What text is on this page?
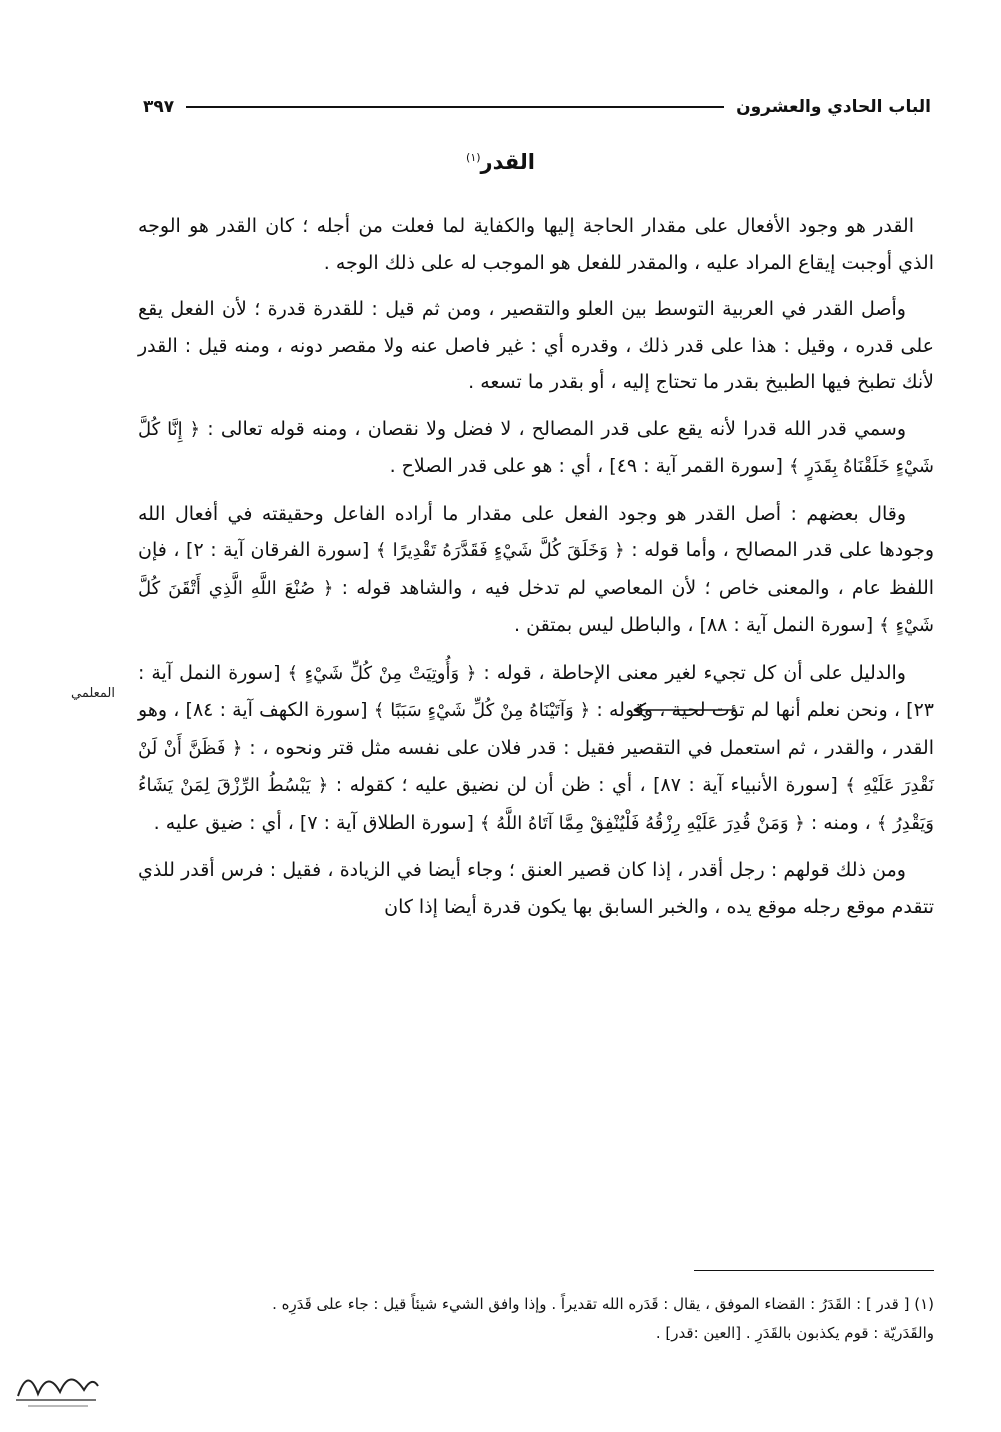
الباب الحادي والعشرون
٣٩٧
القدر$^{(١)}$

القدر هو وجود الأفعال على مقدار الحاجة إليها والكفاية لما فعلت من أجله ؛ كان القدر هو الوجه الذي أوجبت إيقاع المراد عليه ، والمقدر للفعل هو الموجب له على ذلك الوجه .

وأصل القدر في العربية التوسط بين العلو والتقصير ، ومن ثم قيل : للقدرة قدرة ؛ لأن الفعل يقع على قدره ، وقيل : هذا على قدر ذلك ، وقدره أي : غير فاصل عنه ولا مقصر دونه ، ومنه قيل : القدر لأنك تطبخ فيها الطبيخ بقدر ما تحتاج إليه ، أو بقدر ما تسعه .

وسمي قدر الله قدرا لأنه يقع على قدر المصالح ، لا فضل ولا نقصان ، ومنه قوله تعالى : ﴿ إِنَّا كُلَّ شَيْءٍ خَلَقْنَاهُ بِقَدَرٍ ﴾ [سورة القمر آية : ٤٩] ، أي : هو على قدر الصلاح .

وقال بعضهم : أصل القدر هو وجود الفعل على مقدار ما أراده الفاعل وحقيقته في أفعال الله وجودها على قدر المصالح ، وأما قوله : ﴿ وَخَلَقَ كُلَّ شَيْءٍ فَقَدَّرَهُ تَقْدِيرًا ﴾ [سورة الفرقان آية : ٢] ، فإن اللفظ عام ، والمعنى خاص ؛ لأن المعاصي لم تدخل فيه ، والشاهد قوله : ﴿ صُنْعَ اللَّهِ الَّذِي أَتْقَنَ كُلَّ شَيْءٍ ﴾ [سورة النمل آية : ٨٨] ، والباطل ليس بمتقن .

والدليل على أن كل تجيء لغير معنى الإحاطة ، قوله : ﴿ وَأُوتِيَتْ مِنْ كُلِّ شَيْءٍ ﴾ [سورة النمل آية : ٢٣] ، ونحن نعلم أنها لم تؤت لحية ، وقوله : ﴿ وَآتَيْنَاهُ مِنْ كُلِّ شَيْءٍ سَبَبًا ﴾ [سورة الكهف آية : ٨٤] ، وهو القدر ، والقدر ، ثم استعمل في التقصير فقيل : قدر فلان على نفسه مثل قتر ونحوه ، : ﴿ فَظَنَّ أَنْ لَنْ نَقْدِرَ عَلَيْهِ ﴾ [سورة الأنبياء آية : ٨٧] ، أي : ظن أن لن نضيق عليه ؛ كقوله : ﴿ يَبْسُطُ الرِّزْقَ لِمَنْ يَشَاءُ وَيَقْدِرُ ﴾ ، ومنه : ﴿ وَمَنْ قُدِرَ عَلَيْهِ رِزْقُهُ فَلْيُنْفِقْ مِمَّا آتَاهُ اللَّهُ ﴾ [سورة الطلاق آية : ٧] ، أي : ضيق عليه .

ومن ذلك قولهم : رجل أقدر ، إذا كان قصير العنق ؛ وجاء أيضا في الزيادة ، فقيل : فرس أقدر للذي تتقدم موقع رجله موقع يده ، والخبر السابق بها يكون قدرة أيضا إذا كان

المعلمي

(١) [ قدر ] : القَدَرُ : القضاء الموفق ، يقال : قَدَره الله تقديراً . وإذا وافق الشيء شيئاً قيل : جاء على قَدَرِه .

والقَدَريّة : قوم يكذبون بالقَدَرِ . [العين :قدر] .
